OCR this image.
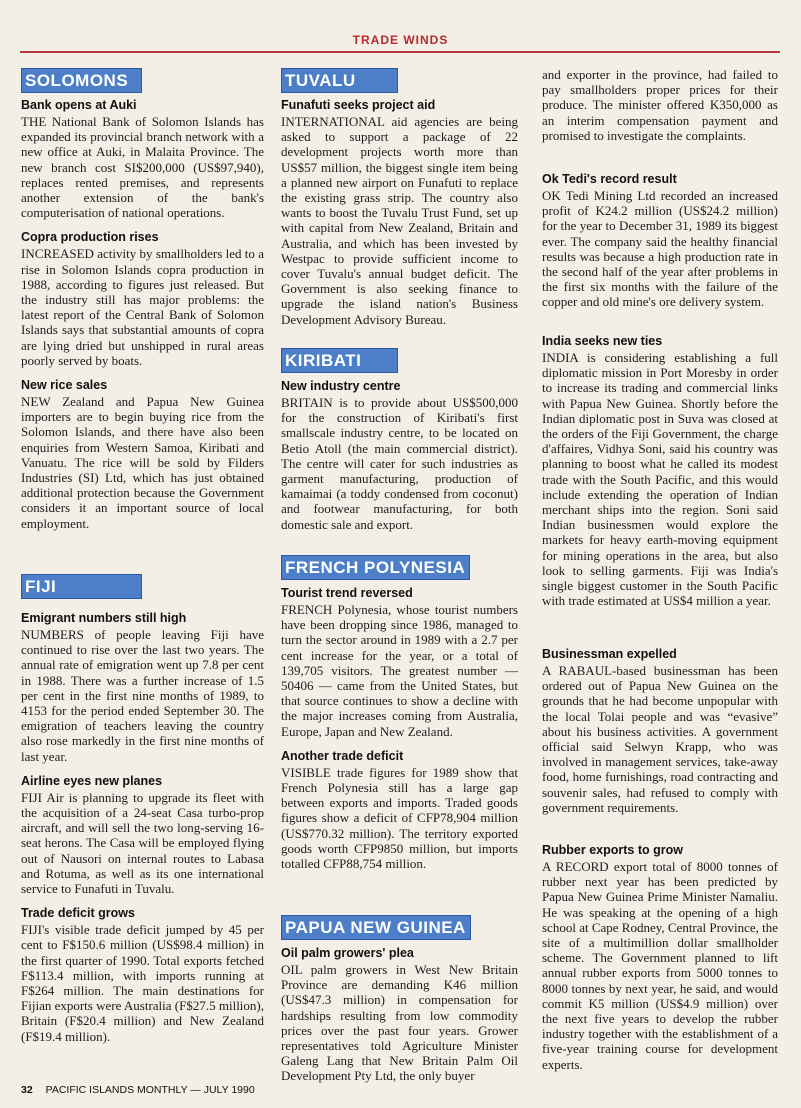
TRADE WINDS
SOLOMONS
Bank opens at Auki

THE National Bank of Solomon Islands has expanded its provincial branch network with a new office at Auki, in Malaita Province. The new branch cost SI$200,000 (US$97,940), replaces rented premises, and represents another extension of the bank's computerisation of national operations.

Copra production rises

INCREASED activity by smallholders led to a rise in Solomon Islands copra production in 1988, according to figures just released. But the industry still has major problems: the latest report of the Central Bank of Solomon Islands says that substantial amounts of copra are lying dried but unshipped in rural areas poorly served by boats.

New rice sales

NEW Zealand and Papua New Guinea importers are to begin buying rice from the Solomon Islands, and there have also been enquiries from Western Samoa, Kiribati and Vanuatu. The rice will be sold by Filders Industries (SI) Ltd, which has just obtained additional protection because the Government considers it an important source of local employment.

FIJI
Emigrant numbers still high

NUMBERS of people leaving Fiji have continued to rise over the last two years. The annual rate of emigration went up 7.8 per cent in 1988. There was a further increase of 1.5 per cent in the first nine months of 1989, to 4153 for the period ended September 30. The emigration of teachers leaving the country also rose markedly in the first nine months of last year.

Airline eyes new planes

FIJI Air is planning to upgrade its fleet with the acquisition of a 24-seat Casa turbo-prop aircraft, and will sell the two long-serving 16-seat herons. The Casa will be employed flying out of Nausori on internal routes to Labasa and Rotuma, as well as its one international service to Funafuti in Tuvalu.

Trade deficit grows

FIJI's visible trade deficit jumped by 45 per cent to F$150.6 million (US$98.4 million) in the first quarter of 1990. Total exports fetched F$113.4 million, with imports running at F$264 million. The main destinations for Fijian exports were Australia (F$27.5 million), Britain (F$20.4 million) and New Zealand (F$19.4 million).

TUVALU
Funafuti seeks project aid

INTERNATIONAL aid agencies are being asked to support a package of 22 development projects worth more than US$57 million, the biggest single item being a planned new airport on Funafuti to replace the existing grass strip. The country also wants to boost the Tuvalu Trust Fund, set up with capital from New Zealand, Britain and Australia, and which has been invested by Westpac to provide sufficient income to cover Tuvalu's annual budget deficit. The Government is also seeking finance to upgrade the island nation's Business Development Advisory Bureau.

KIRIBATI
New industry centre

BRITAIN is to provide about US$500,000 for the construction of Kiribati's first smallscale industry centre, to be located on Betio Atoll (the main commercial district). The centre will cater for such industries as garment manufacturing, production of kamaimai (a toddy condensed from coconut) and footwear manufacturing, for both domestic sale and export.

FRENCH POLYNESIA
Tourist trend reversed

FRENCH Polynesia, whose tourist numbers have been dropping since 1986, managed to turn the sector around in 1989 with a 2.7 per cent increase for the year, or a total of 139,705 visitors. The greatest number — 50406 — came from the United States, but that source continues to show a decline with the major increases coming from Australia, Europe, Japan and New Zealand.

Another trade deficit

VISIBLE trade figures for 1989 show that French Polynesia still has a large gap between exports and imports. Traded goods figures show a deficit of CFP78,904 million (US$770.32 million). The territory exported goods worth CFP9850 million, but imports totalled CFP88,754 million.

PAPUA NEW GUINEA
Oil palm growers' plea

OIL palm growers in West New Britain Province are demanding K46 million (US$47.3 million) in compensation for hardships resulting from low commodity prices over the past four years. Grower representatives told Agriculture Minister Galeng Lang that New Britain Palm Oil Development Pty Ltd, the only buyer

Ok Tedi's record result

OK Tedi Mining Ltd recorded an increased profit of K24.2 million (US$24.2 million) for the year to December 31, 1989 its biggest ever. The company said the healthy financial results was because a high production rate in the second half of the year after problems in the first six months with the failure of the copper and old mine's ore delivery system.

India seeks new ties

INDIA is considering establishing a full diplomatic mission in Port Moresby in order to increase its trading and commercial links with Papua New Guinea. Shortly before the Indian diplomatic post in Suva was closed at the orders of the Fiji Government, the charge d'affaires, Vidhya Soni, said his country was planning to boost what he called its modest trade with the South Pacific, and this would include extending the operation of Indian merchant ships into the region. Soni said Indian businessmen would explore the markets for heavy earth-moving equipment for mining operations in the area, but also look to selling garments. Fiji was India's single biggest customer in the South Pacific with trade estimated at US$4 million a year.

Businessman expelled

A RABAUL-based businessman has been ordered out of Papua New Guinea on the grounds that he had become unpopular with the local Tolai people and was “evasive” about his business activities. A government official said Selwyn Krapp, who was involved in management services, take-away food, home furnishings, road contracting and souvenir sales, had refused to comply with government requirements.

Rubber exports to grow

A RECORD export total of 8000 tonnes of rubber next year has been predicted by Papua New Guinea Prime Minister Namaliu. He was speaking at the opening of a high school at Cape Rodney, Central Province, the site of a multimillion dollar smallholder scheme. The Government planned to lift annual rubber exports from 5000 tonnes to 8000 tonnes by next year, he said, and would commit K5 million (US$4.9 million) over the next five years to develop the rubber industry together with the establishment of a five-year training course for development experts.

32 PACIFIC ISLANDS MONTHLY — JULY 1990

and exporter in the province, had failed to pay smallholders proper prices for their produce. The minister offered K350,000 as an interim compensation payment and promised to investigate the complaints.
